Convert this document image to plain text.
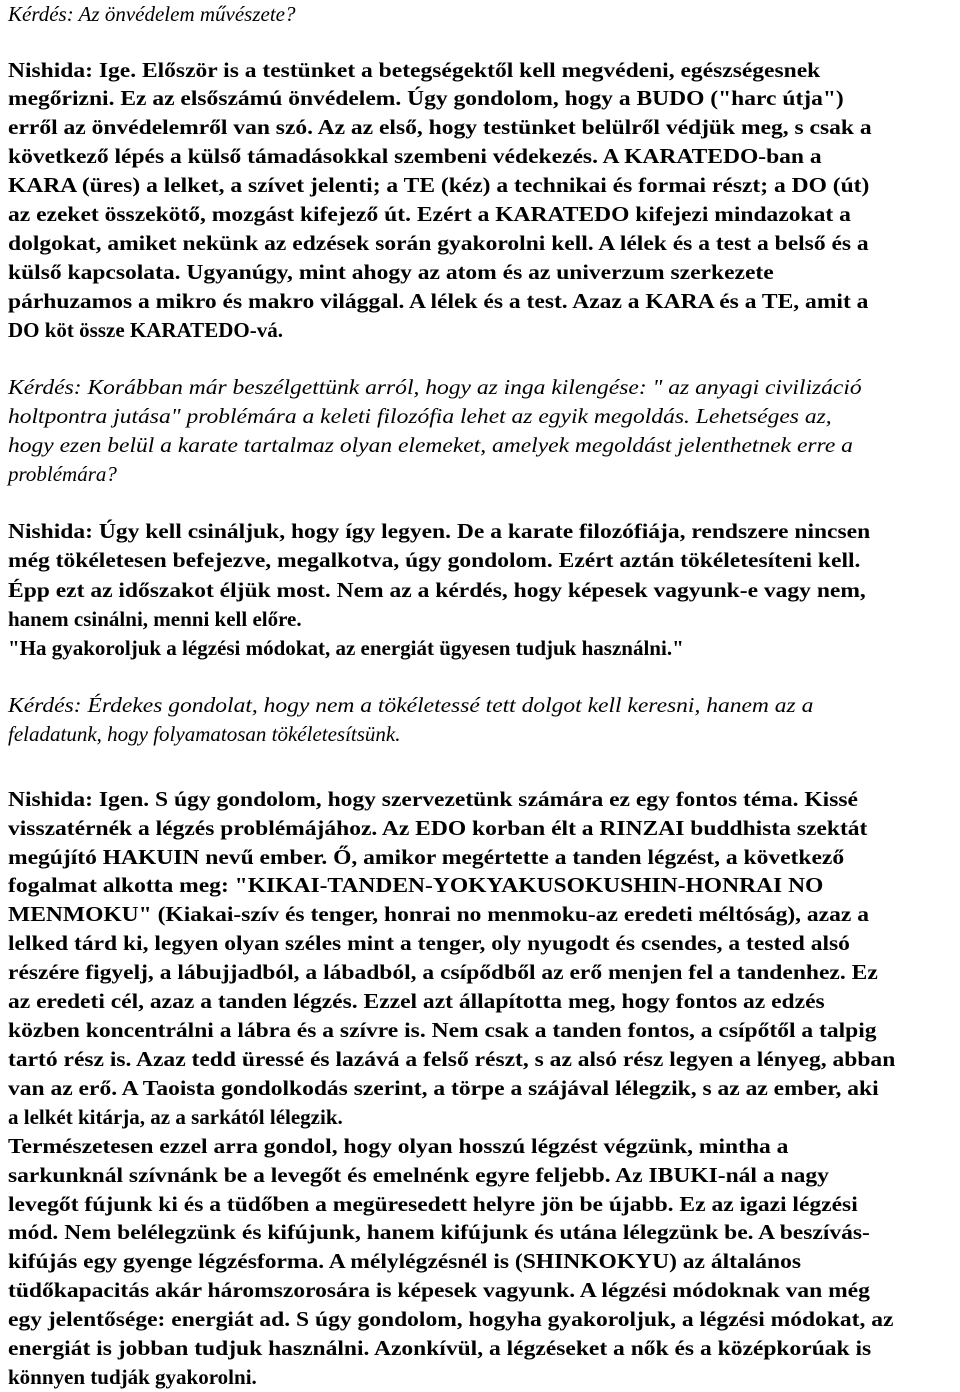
Kérdés: Az önvédelem művészete?
Nishida: Ige. Először is a testünket a betegségektől kell megvédeni, egészségesnek
megőrizni. Ez az elsőszámú önvédelem. Úgy gondolom, hogy a BUDO ("harc útja")
erről az önvédelemről van szó. Az az első, hogy testünket belülről védjük meg, s csak a
következő lépés a külső támadásokkal szembeni védekezés. A KARATEDO-ban a
KARA (üres) a lelket, a szívet jelenti; a TE (kéz) a technikai és formai részt; a DO (út)
az ezeket összekötő, mozgást kifejező út. Ezért a KARATEDO kifejezi mindazokat a
dolgokat, amiket nekünk az edzések során gyakorolni kell. A lélek és a test a belső és a
külső kapcsolata. Ugyanúgy, mint ahogy az atom és az univerzum szerkezete
párhuzamos a mikro és makro világgal. A lélek és a test. Azaz a KARA és a TE, amit a
DO köt össze KARATEDO-vá.
Kérdés: Korábban már beszélgettünk arról, hogy az inga kilengése: " az anyagi civilizáció
holtpontra jutása" problémára a keleti filozófia lehet az egyik megoldás. Lehetséges az,
hogy ezen belül a karate tartalmaz olyan elemeket, amelyek megoldást jelenthetnek erre a
problémára?
Nishida: Úgy kell csinálјuk, hogy így legyen. De a karate filozófiája, rendszere nincsen
még tökéletesen befejezve, megalkotva, úgy gondolom. Ezért aztán tökéletesíteni kell.
Épp ezt az időszakot éljük most. Nem az a kérdés, hogy képesek vagyunk-e vagy nem,
hanem csinálni, menni kell előre.
"Ha gyakoroljuk a légzési módokat, az energiát ügyesen tudjuk használni."
Kérdés: Érdekes gondolat, hogy nem a tökéletessé tett dolgot kell keresni, hanem az a
feladatunk, hogy folyamatosan tökéletesítsünk.
Nishida: Igen. S úgy gondolom, hogy szervezetünk számára ez egy fontos téma. Kissé
visszatérnék a légzés problémájához. Az EDO korban élt a RINZAI buddhista szektát
megújító HAKUIN nevű ember. Ő, amikor megértette a tanden légzést, a következő
fogalmat alkotta meg: "KIKAI-TANDEN-YOKYAKUSOKUSHIN-HONRAI NO
MENMOKU" (Kiakai-szív és tenger, honrai no menmoku-az eredeti méltóság), azaz a
lelked tárd ki, legyen olyan széles mint a tenger, oly nyugodt és csendes, a tested alsó
részére figyelj, a lábujjadból, a lábadból, a csípődből az erő menjen fel a tandenhez. Ez
az eredeti cél, azaz a tanden légzés. Ezzel azt állapította meg, hogy fontos az edzés
közben koncentrálni a lábra és a szívre is. Nem csak a tanden fontos, a csípőtől a talpig
tartó rész is. Azaz tedd üressé és lazává a felső részt, s az alsó rész legyen a lényeg, abban
van az erő. A Taoista gondolkodás szerint, a törpe a szájával lélegzik, s az az ember, aki
a lelkét kitárja, az a sarkától lélegzik.
Természetesen ezzel arra gondol, hogy olyan hosszú légzést végzünk, mintha a
sarkunknál szívnánk be a levegőt és emelnénk egyre feljebb. Az IBUKI-nál a nagy
levegőt fújunk ki és a tüdőben a megüresedett helyre jön be újabb. Ez az igazi légzési
mód. Nem belélegzünk és kifújunk, hanem kifújunk és utána lélegzünk be. A beszívás-
kifújás egy gyenge légzésforma. A mélylégzésnél is (SHINKOKYU) az általános
tüdőkapacitás akár háromszorosára is képesek vagyunk. A légzési módoknak van még
egy jelentősége: energiát ad. S úgy gondolom, hogyha gyakoroljuk, a légzési módokat, az
energiát is jobban tudjuk használni. Azonkívül, a légzéseket a nők és a középkorúak is
könnyen tudják gyakorolni.
